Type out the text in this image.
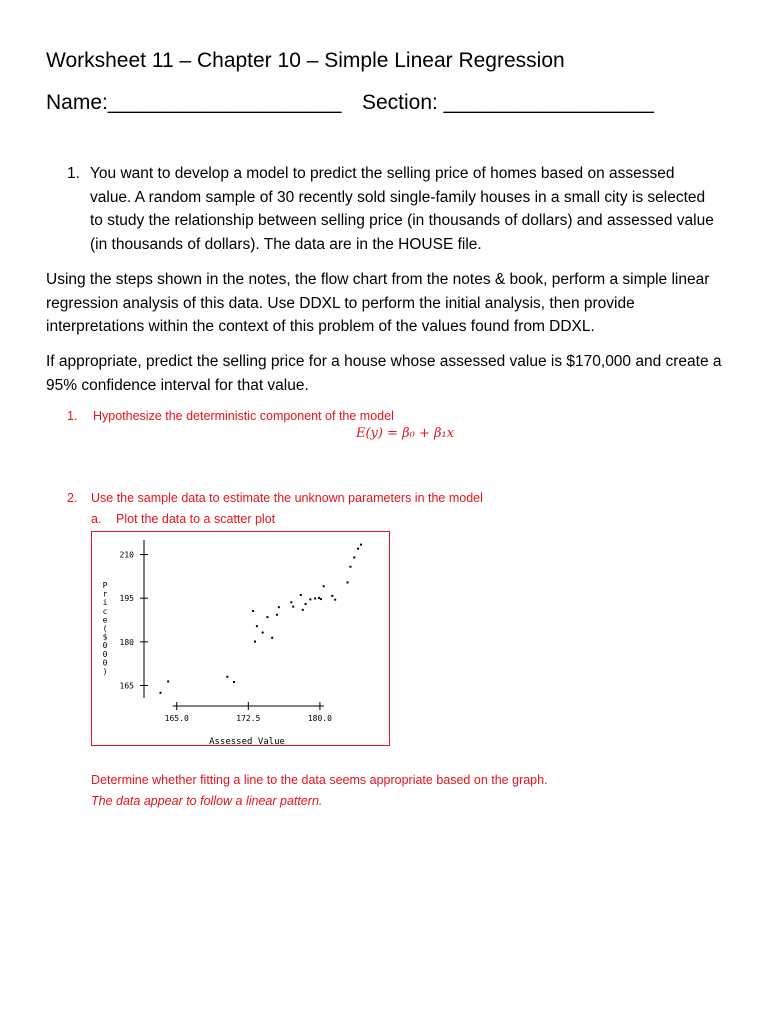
Worksheet 11 – Chapter 10 – Simple Linear Regression
Name:____________________ Section: __________________
1. You want to develop a model to predict the selling price of homes based on assessed value. A random sample of 30 recently sold single-family houses in a small city is selected to study the relationship between selling price (in thousands of dollars) and assessed value (in thousands of dollars). The data are in the HOUSE file.
Using the steps shown in the notes, the flow chart from the notes & book, perform a simple linear regression analysis of this data. Use DDXL to perform the initial analysis, then provide interpretations within the context of this problem of the values found from DDXL.
If appropriate, predict the selling price for a house whose assessed value is $170,000 and create a 95% confidence interval for that value.
1. Hypothesize the deterministic component of the model
E(y) = β₀ + β₁x
2. Use the sample data to estimate the unknown parameters in the model
a. Plot the data to a scatter plot
210
195
180
165
165.0	172.5	180.0
Assessed Value
P
r
i
c
e
(
$
0
0
0
)
Determine whether fitting a line to the data seems appropriate based on the graph.
The data appear to follow a linear pattern.
